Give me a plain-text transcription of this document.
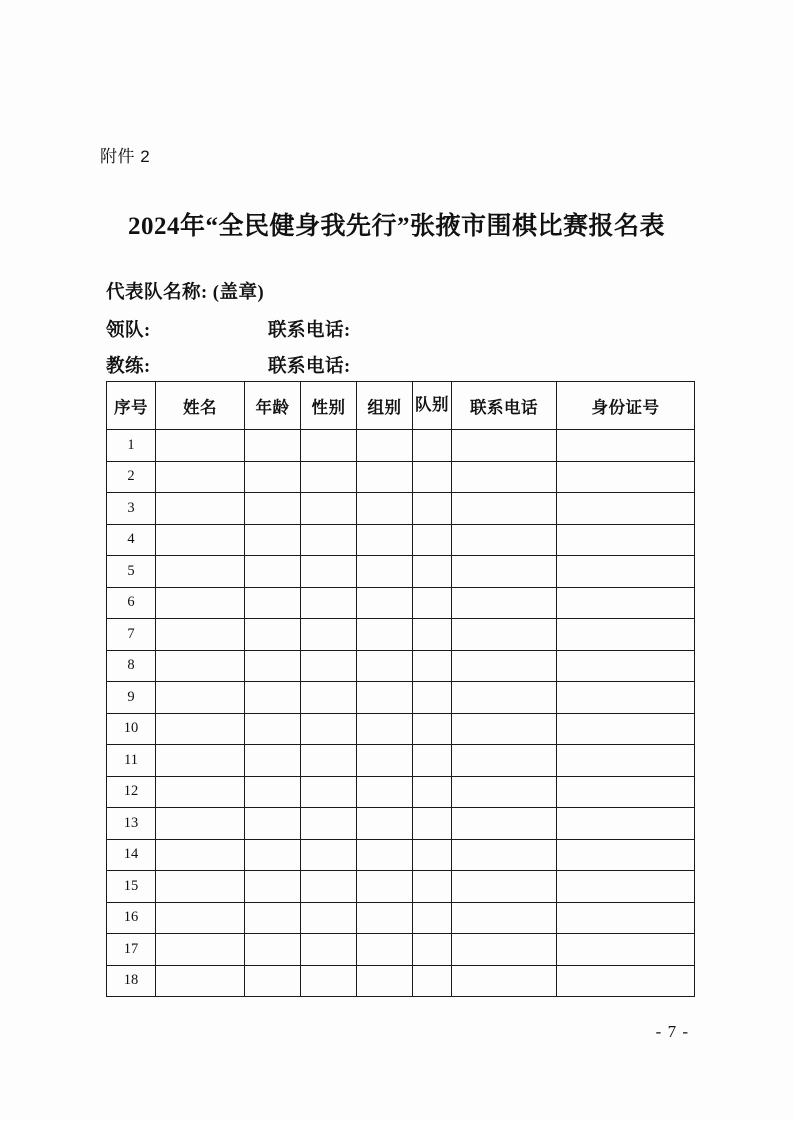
附件 2
2024年“全民健身我先行”张掖市围棋比赛报名表
代表队名称: (盖章)
领队:	联系电话:
教练:	联系电话:
序号	姓名	年龄	性别	组别	队别	联系电话	身份证号
1							
2							
3							
4							
5							
6							
7							
8							
9							
10							
11							
12							
13							
14							
15							
16							
17							
18							
- 7 -
